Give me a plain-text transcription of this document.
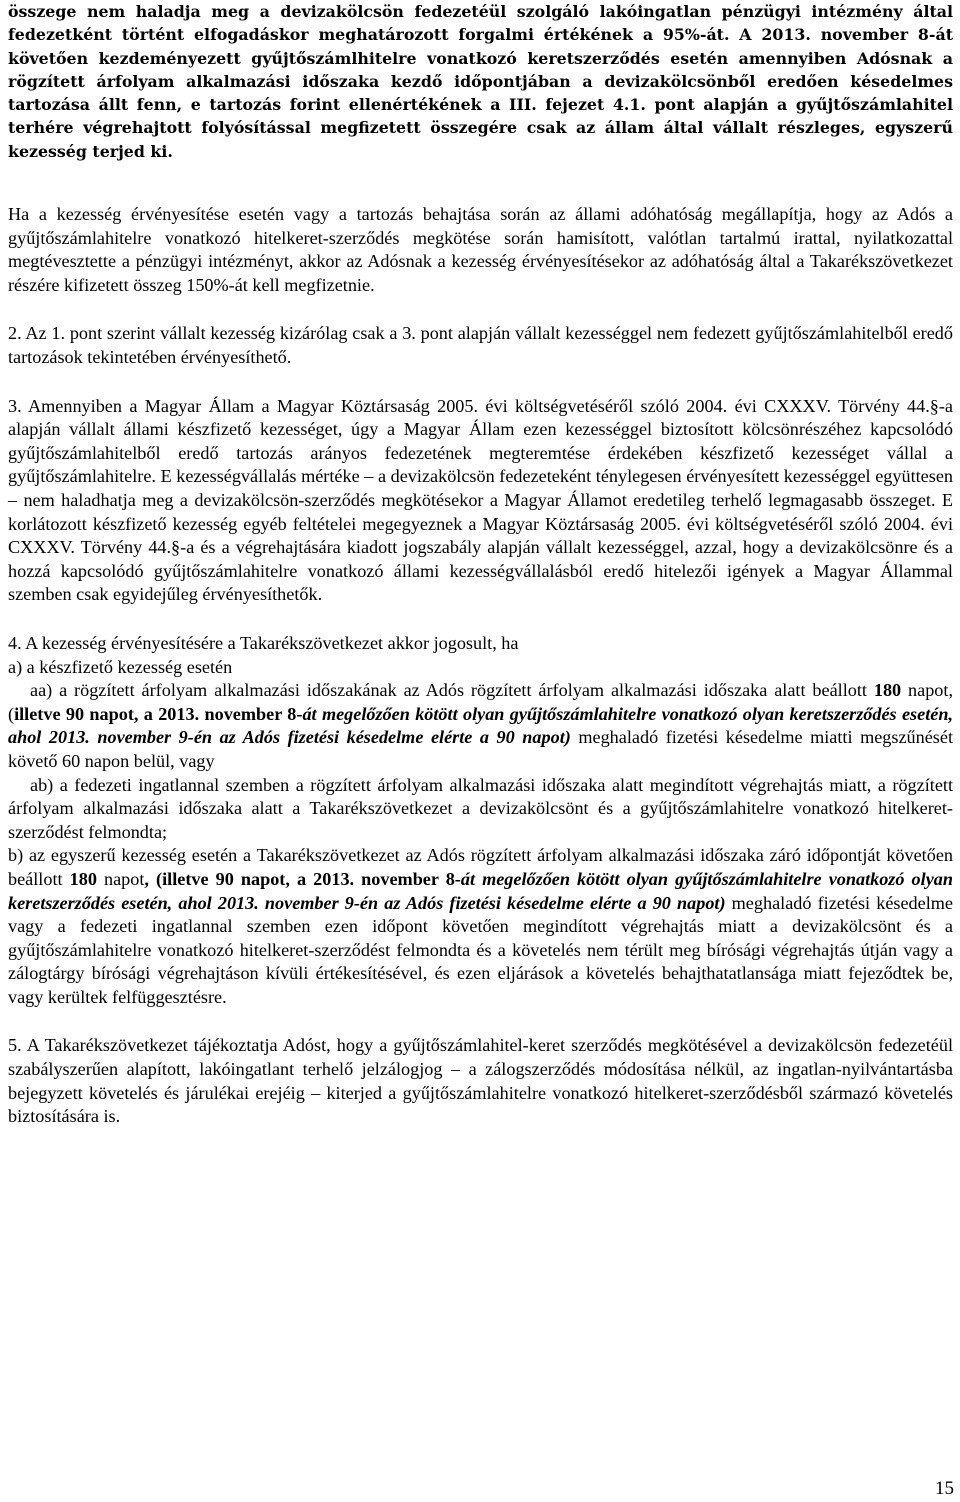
összege nem haladja meg a devizakölcsön fedezetéül szolgáló lakóingatlan pénzügyi intézmény által fedezetként történt elfogadáskor meghatározott forgalmi értékének a 95%-át. A 2013. november 8-át követően kezdeményezett gyűjtőszámlhitelre vonatkozó keretszerződés esetén amennyiben Adósnak a rögzített árfolyam alkalmazási időszaka kezdő időpontjában a devizakölcsönből eredően késedelmes tartozása állt fenn, e tartozás forint ellenértékének a III. fejezet 4.1. pont alapján a gyűjtőszámlahitel terhére végrehajtott folyósítással megfizetett összegére csak az állam által vállalt részleges, egyszerű kezesség terjed ki.

Ha a kezesség érvényesítése esetén vagy a tartozás behajtása során az állami adóhatóság megállapítja, hogy az Adós a gyűjtőszámlahitelre vonatkozó hitelkeret-szerződés megkötése során hamisított, valótlan tartalmú irattal, nyilatkozattal megtévesztette a pénzügyi intézményt, akkor az Adósnak a kezesség érvényesítésekor az adóhatóság által a Takarékszövetkezet részére kifizetett összeg 150%-át kell megfizetnie.

2. Az 1. pont szerint vállalt kezesség kizárólag csak a 3. pont alapján vállalt kezességgel nem fedezett gyűjtőszámlahitelből eredő tartozások tekintetében érvényesíthető.

3. Amennyiben a Magyar Állam a Magyar Köztársaság 2005. évi költségvetéséről szóló 2004. évi CXXXV. Törvény 44.§-a alapján vállalt állami készfizető kezességet, úgy a Magyar Állam ezen kezességgel biztosított kölcsönrészéhez kapcsolódó gyűjtőszámlahitelből eredő tartozás arányos fedezetének megteremtése érdekében készfizető kezességet vállal a gyűjtőszámlahitelre. E kezességvállalás mértéke – a devizakölcsön fedezeteként ténylegesen érvényesített kezességgel együttesen – nem haladhatja meg a devizakölcsön-szerződés megkötésekor a Magyar Államot eredetileg terhelő legmagasabb összeget. E korlátozott készfizető kezesség egyéb feltételei megegyeznek a Magyar Köztársaság 2005. évi költségvetéséről szóló 2004. évi CXXXV. Törvény 44.§-a és a végrehajtására kiadott jogszabály alapján vállalt kezességgel, azzal, hogy a devizakölcsönre és a hozzá kapcsolódó gyűjtőszámlahitelre vonatkozó állami kezességvállalásból eredő hitelezői igények a Magyar Állammal szemben csak egyidejűleg érvényesíthetők.

4. A kezesség érvényesítésére a Takarékszövetkezet akkor jogosult, ha

a) a készfizető kezesség esetén

aa) a rögzített árfolyam alkalmazási időszakának az Adós rögzített árfolyam alkalmazási időszaka alatt beállott 180 napot, (illetve 90 napot, a 2013. november 8-át megelőzően kötött olyan gyűjtőszámlahitelre vonatkozó olyan keretszerződés esetén, ahol 2013. november 9-én az Adós fizetési késedelme elérte a 90 napot) meghaladó fizetési késedelme miatti megszűnését követő 60 napon belül, vagy

ab) a fedezeti ingatlannal szemben a rögzített árfolyam alkalmazási időszaka alatt megindított végrehajtás miatt, a rögzített árfolyam alkalmazási időszaka alatt a Takarékszövetkezet a devizakölcsönt és a gyűjtőszámlahitelre vonatkozó hitelkeret-szerződést felmondta;

b) az egyszerű kezesség esetén a Takarékszövetkezet az Adós rögzített árfolyam alkalmazási időszaka záró időpontját követően beállott 180 napot, (illetve 90 napot, a 2013. november 8-át megelőzően kötött olyan gyűjtőszámlahitelre vonatkozó olyan keretszerződés esetén, ahol 2013. november 9-én az Adós fizetési késedelme elérte a 90 napot) meghaladó fizetési késedelme vagy a fedezeti ingatlannal szemben ezen időpont követően megindított végrehajtás miatt a devizakölcsönt és a gyűjtőszámlahitelre vonatkozó hitelkeret-szerződést felmondta és a követelés nem térült meg bírósági végrehajtás útján vagy a zálogtárgy bírósági végrehajtáson kívüli értékesítésével, és ezen eljárások a követelés behajthatatlansága miatt fejeződtek be, vagy kerültek felfüggesztésre.

5. A Takarékszövetkezet tájékoztatja Adóst, hogy a gyűjtőszámlahitel-keret szerződés megkötésével a devizakölcsön fedezetéül szabályszerűen alapított, lakóingatlant terhelő jelzálogjog – a zálogszerződés módosítása nélkül, az ingatlan-nyilvántartásba bejegyzett követelés és járulékai erejéig – kiterjed a gyűjtőszámlahitelre vonatkozó hitelkeret-szerződésből származó követelés biztosítására is.

15
